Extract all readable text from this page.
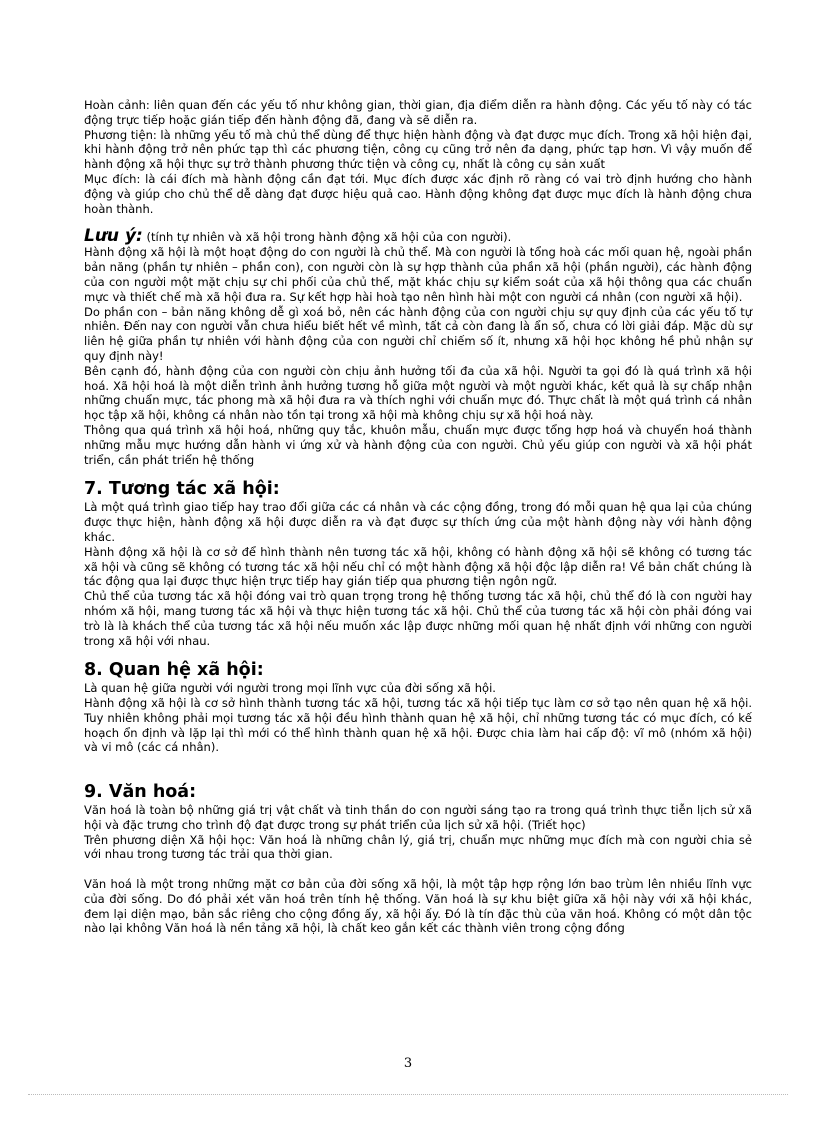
Hoàn cảnh: liên quan đến các yếu tố như không gian, thời gian, địa điểm diễn ra hành động. Các yếu tố này có tác động trực tiếp hoặc gián tiếp đến hành động đã, đang và sẽ diễn ra.

Phương tiện: là những yếu tố mà chủ thể dùng để thực hiện hành động và đạt được mục đích. Trong xã hội hiện đại, khi hành động trở nên phức tạp thì các phương tiện, công cụ cũng trở nên đa dạng, phức tạp hơn. Vì vậy muốn để hành động xã hội thực sự trở thành phương thức tiện và công cụ, nhất là công cụ sản xuất

Mục đích: là cái đích mà hành động cần đạt tới. Mục đích được xác định rõ ràng có vai trò định hướng cho hành động và giúp cho chủ thể dễ dàng đạt được hiệu quả cao. Hành động không đạt được mục đích là hành động chưa hoàn thành.

Lưu ý: (tính tự nhiên và xã hội trong hành động xã hội của con người).

Hành động xã hội là một hoạt động do con người là chủ thể. Mà con người là tổng hoà các mối quan hệ, ngoài phần bản năng (phần tự nhiên – phần con), con người còn là sự hợp thành của phần xã hội (phần người), các hành động của con người một mặt chịu sự chi phối của chủ thể, mặt khác chịu sự kiểm soát của xã hội thông qua các chuẩn mực và thiết chế mà xã hội đưa ra. Sự kết hợp hài hoà tạo nên hình hài một con người cá nhân (con người xã hội).

Do phần con – bản năng không dễ gì xoá bỏ, nên các hành động của con người chịu sự quy định của các yếu tố tự nhiên. Đến nay con người vẫn chưa hiểu biết hết về mình, tất cả còn đang là ẩn số, chưa có lời giải đáp. Mặc dù sự liên hệ giữa phần tự nhiên với hành động của con người chỉ chiếm số ít, nhưng xã hội học không hề phủ nhận sự quy định này!

Bên cạnh đó, hành động của con người còn chịu ảnh hưởng tối đa của xã hội. Người ta gọi đó là quá trình xã hội hoá. Xã hội hoá là một diễn trình ảnh hưởng tương hỗ giữa một người và một người khác, kết quả là sự chấp nhận những chuẩn mực, tác phong mà xã hội đưa ra và thích nghi với chuẩn mực đó. Thực chất là một quá trình cá nhân học tập xã hội, không cá nhân nào tồn tại trong xã hội mà không chịu sự xã hội hoá này.

Thông qua quá trình xã hội hoá, những quy tắc, khuôn mẫu, chuẩn mực được tổng hợp hoá và chuyển hoá thành những mẫu mực hướng dẫn hành vi ứng xử và hành động của con người. Chủ yếu giúp con người và xã hội phát triển, cần phát triển hệ thống

7. Tương tác xã hội:

Là một quá trình giao tiếp hay trao đổi giữa các cá nhân và các cộng đồng, trong đó mỗi quan hệ qua lại của chúng được thực hiện, hành động xã hội được diễn ra và đạt được sự thích ứng của một hành động này với hành động khác.

Hành động xã hội là cơ sở để hình thành nên tương tác xã hội, không có hành động xã hội sẽ không có tương tác xã hội và cũng sẽ không có tương tác xã hội nếu chỉ có một hành động xã hội độc lập diễn ra! Về bản chất chúng là tác động qua lại được thực hiện trực tiếp hay gián tiếp qua phương tiện ngôn ngữ.

Chủ thể của tương tác xã hội đóng vai trò quan trọng trong hệ thống tương tác xã hội, chủ thể đó là con người hay nhóm xã hội, mang tương tác xã hội và thực hiện tương tác xã hội. Chủ thể của tương tác xã hội còn phải đóng vai trò là là khách thể của tương tác xã hội nếu muốn xác lập được những mối quan hệ nhất định với những con người trong xã hội với nhau.

8. Quan hệ xã hội:

Là quan hệ giữa người với người trong mọi lĩnh vực của đời sống xã hội.

Hành động xã hội là cơ sở hình thành tương tác xã hội, tương tác xã hội tiếp tục làm cơ sở tạo nên quan hệ xã hội. Tuy nhiên không phải mọi tương tác xã hội đều hình thành quan hệ xã hội, chỉ những tương tác có mục đích, có kế hoạch ổn định và lặp lại thì mới có thể hình thành quan hệ xã hội. Được chia làm hai cấp độ: vĩ mô (nhóm xã hội) và vi mô (các cá nhân).

9. Văn hoá:

Văn hoá là toàn bộ những giá trị vật chất và tinh thần do con người sáng tạo ra trong quá trình thực tiễn lịch sử xã hội và đặc trưng cho trình độ đạt được trong sự phát triển của lịch sử xã hội. (Triết học)

Trên phương diện Xã hội học: Văn hoá là những chân lý, giá trị, chuẩn mực những mục đích mà con người chia sẻ với nhau trong tương tác trải qua thời gian.

Văn hoá là một trong những mặt cơ bản của đời sống xã hội, là một tập hợp rộng lớn bao trùm lên nhiều lĩnh vực của đời sống. Do đó phải xét văn hoá trên tính hệ thống. Văn hoá là sự khu biệt giữa xã hội này với xã hội khác, đem lại diện mạo, bản sắc riêng cho cộng đồng ấy, xã hội ấy. Đó là tín đặc thù của văn hoá. Không có một dân tộc nào lại không Văn hoá là nền tảng xã hội, là chất keo gắn kết các thành viên trong cộng đồng

3
